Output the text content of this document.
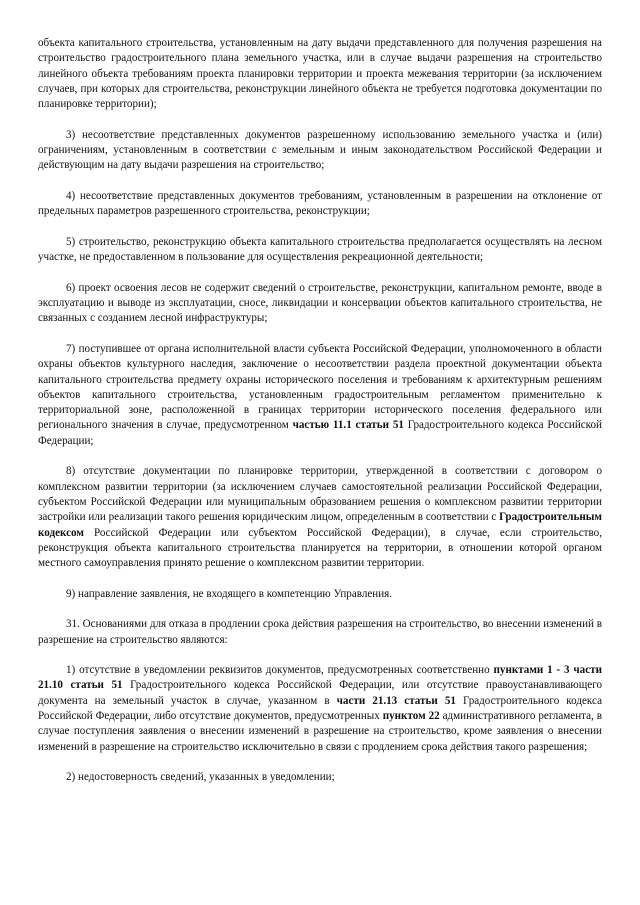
объекта капитального строительства, установленным на дату выдачи представленного для получения разрешения на строительство градостроительного плана земельного участка, или в случае выдачи разрешения на строительство линейного объекта требованиям проекта планировки территории и проекта межевания территории (за исключением случаев, при которых для строительства, реконструкции линейного объекта не требуется подготовка документации по планировке территории);

3) несоответствие представленных документов разрешенному использованию земельного участка и (или) ограничениям, установленным в соответствии с земельным и иным законодательством Российской Федерации и действующим на дату выдачи разрешения на строительство;

4) несоответствие представленных документов требованиям, установленным в разрешении на отклонение от предельных параметров разрешенного строительства, реконструкции;

5) строительство, реконструкцию объекта капитального строительства предполагается осуществлять на лесном участке, не предоставленном в пользование для осуществления рекреационной деятельности;

6) проект освоения лесов не содержит сведений о строительстве, реконструкции, капитальном ремонте, вводе в эксплуатацию и выводе из эксплуатации, сносе, ликвидации и консервации объектов капитального строительства, не связанных с созданием лесной инфраструктуры;

7) поступившее от органа исполнительной власти субъекта Российской Федерации, уполномоченного в области охраны объектов культурного наследия, заключение о несоответствии раздела проектной документации объекта капитального строительства предмету охраны исторического поселения и требованиям к архитектурным решениям объектов капитального строительства, установленным градостроительным регламентом применительно к территориальной зоне, расположенной в границах территории исторического поселения федерального или регионального значения в случае, предусмотренном частью 11.1 статьи 51 Градостроительного кодекса Российской Федерации;

8) отсутствие документации по планировке территории, утвержденной в соответствии с договором о комплексном развитии территории (за исключением случаев самостоятельной реализации Российской Федерации, субъектом Российской Федерации или муниципальным образованием решения о комплексном развитии территории застройки или реализации такого решения юридическим лицом, определенным в соответствии с Градостроительным кодексом Российской Федерации или субъектом Российской Федерации), в случае, если строительство, реконструкция объекта капитального строительства планируется на территории, в отношении которой органом местного самоуправления принято решение о комплексном развитии территории.

9) направление заявления, не входящего в компетенцию Управления.

31. Основаниями для отказа в продлении срока действия разрешения на строительство, во внесении изменений в разрешение на строительство являются:

1) отсутствие в уведомлении реквизитов документов, предусмотренных соответственно пунктами 1 - 3 части 21.10 статьи 51 Градостроительного кодекса Российской Федерации, или отсутствие правоустанавливающего документа на земельный участок в случае, указанном в части 21.13 статьи 51 Градостроительного кодекса Российской Федерации, либо отсутствие документов, предусмотренных пунктом 22 административного регламента, в случае поступления заявления о внесении изменений в разрешение на строительство, кроме заявления о внесении изменений в разрешение на строительство исключительно в связи с продлением срока действия такого разрешения;

2) недостоверность сведений, указанных в уведомлении;
